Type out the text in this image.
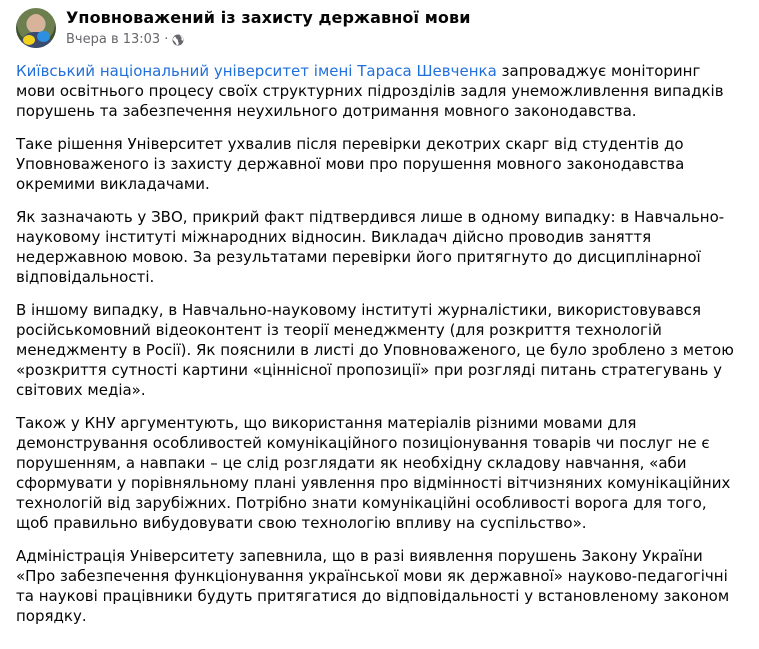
Уповноважений із захисту державної мови
Вчера в 13:03 ·

Київський національний університет імені Тараса Шевченка запроваджує моніторинг мови освітнього процесу своїх структурних підрозділів задля унеможливлення випадків порушень та забезпечення неухильного дотримання мовного законодавства.

Таке рішення Університет ухвалив після перевірки декотрих скарг від студентів до Уповноваженого із захисту державної мови про порушення мовного законодавства окремими викладачами.

Як зазначають у ЗВО, прикрий факт підтвердився лише в одному випадку: в Навчально-науковому інституті міжнародних відносин. Викладач дійсно проводив заняття недержавною мовою. За результатами перевірки його притягнуто до дисциплінарної відповідальності.

В іншому випадку, в Навчально-науковому інституті журналістики, використовувався російськомовний відеоконтент із теорії менеджменту (для розкриття технологій менеджменту в Росії). Як пояснили в листі до Уповноваженого, це було зроблено з метою «розкриття сутності картини «ціннісної пропозиції» при розгляді питань стратегувань у світових медіа».

Також у КНУ аргументують, що використання матеріалів різними мовами для демонстрування особливостей комунікаційного позиціонування товарів чи послуг не є порушенням, а навпаки – це слід розглядати як необхідну складову навчання, «аби сформувати у порівняльному плані уявлення про відмінності вітчизняних комунікаційних технологій від зарубіжних. Потрібно знати комунікаційні особливості ворога для того, щоб правильно вибудовувати свою технологію впливу на суспільство».

Адміністрація Університету запевнила, що в разі виявлення порушень Закону України «Про забезпечення функціонування української мови як державної» науково-педагогічні та наукові працівники будуть притягатися до відповідальності у встановленому законом порядку.
